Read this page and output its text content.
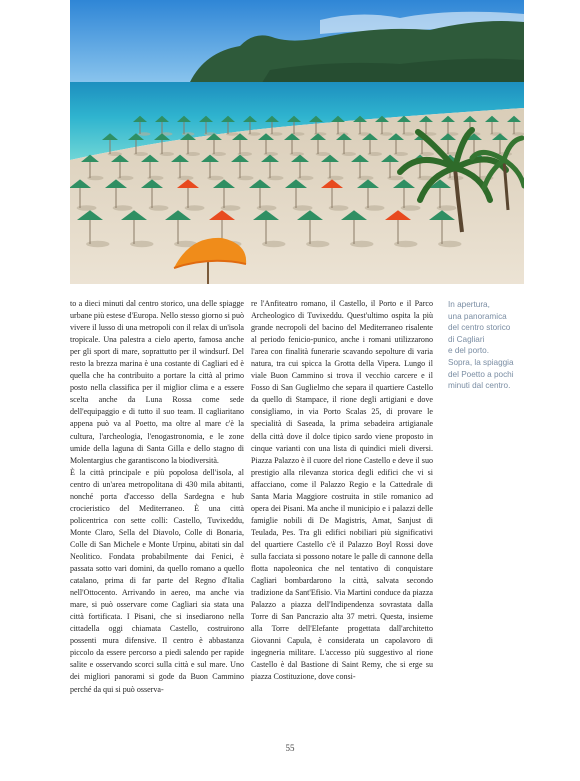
to a dieci minuti dal centro storico, una delle spiagge urbane più estese d'Europa. Nello stesso giorno si può vivere il lusso di una metropoli con il relax di un'isola tropicale. Una palestra a cielo aperto, famosa anche per gli sport di mare, soprattutto per il windsurf. Del resto la brezza marina è una costante di Cagliari ed è quella che ha contribuito a portare la città al primo posto nella classifica per il miglior clima e a essere scelta anche da Luna Rossa come sede dell'equipaggio e di tutto il suo team. Il cagliaritano appena può va al Poetto, ma oltre al mare c'è la cultura, l'archeologia, l'enogastronomia, e le zone umide della laguna di Santa Gilla e dello stagno di Molentargius che garantiscono la biodiversità.

È la città principale e più popolosa dell'isola, al centro di un'area metropolitana di 430 mila abitanti, nonché porta d'accesso della Sardegna e hub crocieristico del Mediterraneo. È una città policentrica con sette colli: Castello, Tuvixeddu, Monte Claro, Sella del Diavolo, Colle di Bonaria, Colle di San Michele e Monte Urpinu, abitati sin dal Neolitico. Fondata probabilmente dai Fenici, è passata sotto vari domini, da quello romano a quello catalano, prima di far parte del Regno d'Italia nell'Ottocento. Arrivando in aereo, ma anche via mare, si può osservare come Cagliari sia stata una città fortificata. I Pisani, che si insediarono nella cittadella oggi chiamata Castello, costruirono possenti mura difensive. Il centro è abbastanza piccolo da essere percorso a piedi salendo per rapide salite e osservando scorci sulla città e sul mare. Uno dei migliori panorami si gode da Buon Cammino perché da qui si può osserva-

re l'Anfiteatro romano, il Castello, il Porto e il Parco Archeologico di Tuvixeddu. Quest'ultimo ospita la più grande necropoli del bacino del Mediterraneo risalente al periodo fenicio-punico, anche i romani utilizzarono l'area con finalità funerarie scavando sepolture di varia natura, tra cui spicca la Grotta della Vipera. Lungo il viale Buon Cammino si trova il vecchio carcere e il Fosso di San Guglielmo che separa il quartiere Castello da quello di Stampace, il rione degli artigiani e dove consigliamo, in via Porto Scalas 25, di provare le specialità di Saseada, la prima sebadeira artigianale della città dove il dolce tipico sardo viene proposto in cinque varianti con una lista di quindici mieli diversi. Piazza Palazzo è il cuore del rione Castello e deve il suo prestigio alla rilevanza storica degli edifici che vi si affacciano, come il Palazzo Regio e la Cattedrale di Santa Maria Maggiore costruita in stile romanico ad opera dei Pisani. Ma anche il municipio e i palazzi delle famiglie nobili di De Magistris, Amat, Sanjust di Teulada, Pes. Tra gli edifici nobiliari più significativi del quartiere Castello c'è il Palazzo Boyl Rossi dove sulla facciata si possono notare le palle di cannone della flotta napoleonica che nel tentativo di conquistare Cagliari bombardarono la città, salvata secondo tradizione da Sant'Efisio. Via Martini conduce da piazza Palazzo a piazza dell'Indipendenza sovrastata dalla Torre di San Pancrazio alta 37 metri. Questa, insieme alla Torre dell'Elefante progettata dall'architetto Giovanni Capula, è considerata un capolavoro di ingegneria militare. L'accesso più suggestivo al rione Castello è dal Bastione di Saint Remy, che si erge su piazza Costituzione, dove consi-

In apertura,
una panoramica
del centro storico
di Cagliari
e del porto.
Sopra, la spiaggia
del Poetto a pochi
minuti dal centro.
55
